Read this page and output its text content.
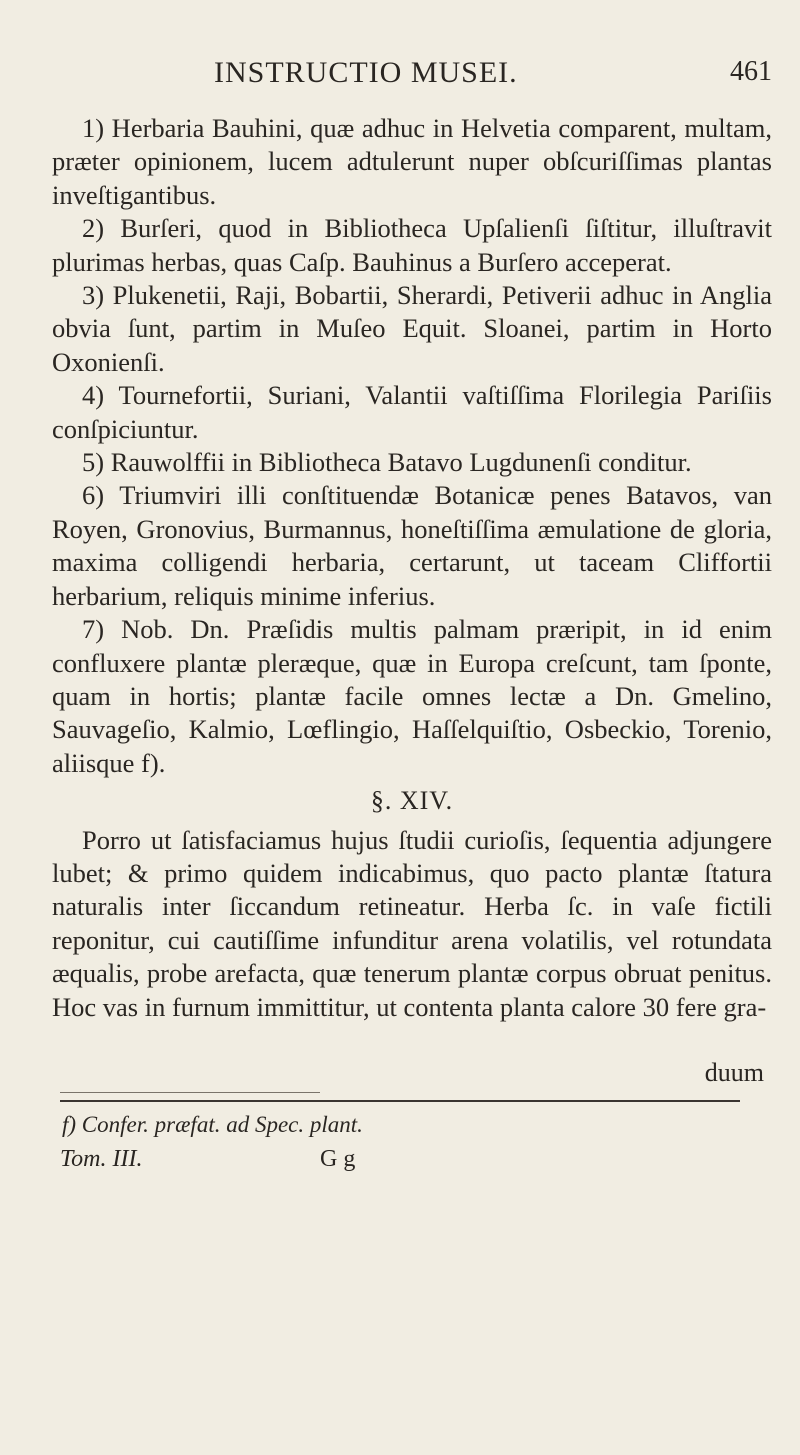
INSTRUCTIO MUSEI.	461

1) Herbaria Bauhini, quæ adhuc in Helvetia comparent, multam, præter opinionem, lucem adtulerunt nuper obſcuriſſimas plantas inveſtigantibus.

2) Burſeri, quod in Bibliotheca Upſalienſi ſiſtitur, illuſtravit plurimas herbas, quas Caſp. Bauhinus a Burſero acceperat.

3) Plukenetii, Raji, Bobartii, Sherardi, Petiverii adhuc in Anglia obvia ſunt, partim in Muſeo Equit. Sloanei, partim in Horto Oxonienſi.

4) Tournefortii, Suriani, Valantii vaſtiſſima Florilegia Pariſiis conſpiciuntur.

5) Rauwolffii in Bibliotheca Batavo Lugdunenſi conditur.

6) Triumviri illi conſtituendæ Botanicæ penes Batavos, van Royen, Gronovius, Burmannus, honeſtiſſima æmulatione de gloria, maxima colligendi herbaria, certarunt, ut taceam Cliffortii herbarium, reliquis minime inferius.

7) Nob. Dn. Præſidis multis palmam præripit, in id enim confluxere plantæ pleræque, quæ in Europa creſcunt, tam ſponte, quam in hortis; plantæ facile omnes lectæ a Dn. Gmelino, Sauvageſio, Kalmio, Lœflingio, Haſſelquiſtio, Osbeckio, Torenio, aliisque f).

§. XIV.

Porro ut ſatisfaciamus hujus ſtudii curioſis, ſequentia adjungere lubet; & primo quidem indicabimus, quo pacto plantæ ſtatura naturalis inter ſiccandum retineatur. Herba ſc. in vaſe fictili reponitur, cui cautiſſime infunditur arena volatilis, vel rotundata æqualis, probe arefacta, quæ tenerum plantæ corpus obruat penitus. Hoc vas in furnum immittitur, ut contenta planta calore 30 fere gra-

duum
f) Confer. præfat. ad Spec. plant.
Tom. III.	G g
